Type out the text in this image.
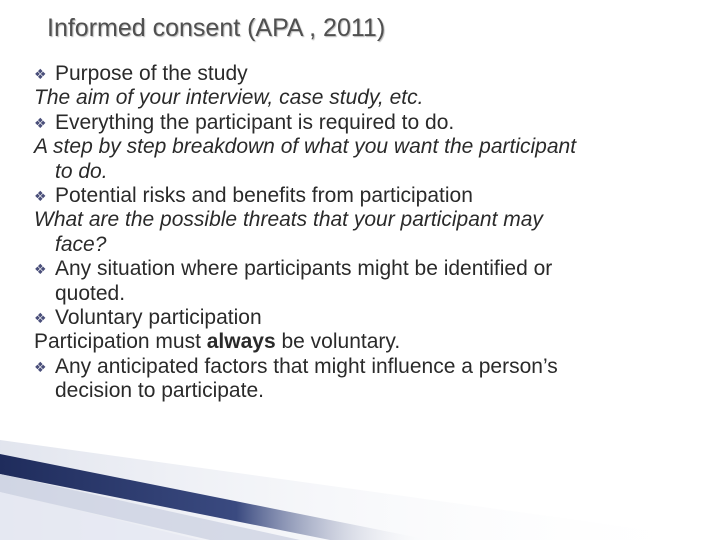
Informed consent (APA , 2011)
❖ Purpose of the study
The aim of your interview, case study, etc.
❖ Everything the participant is required to do.
A step by step breakdown of what you want the participant
to do.
❖ Potential risks and benefits from participation
What are the possible threats that your participant may
face?
❖ Any situation where participants might be identified or
quoted.
❖ Voluntary participation
Participation must always be voluntary.
❖ Any anticipated factors that might influence a person’s
decision to participate.
